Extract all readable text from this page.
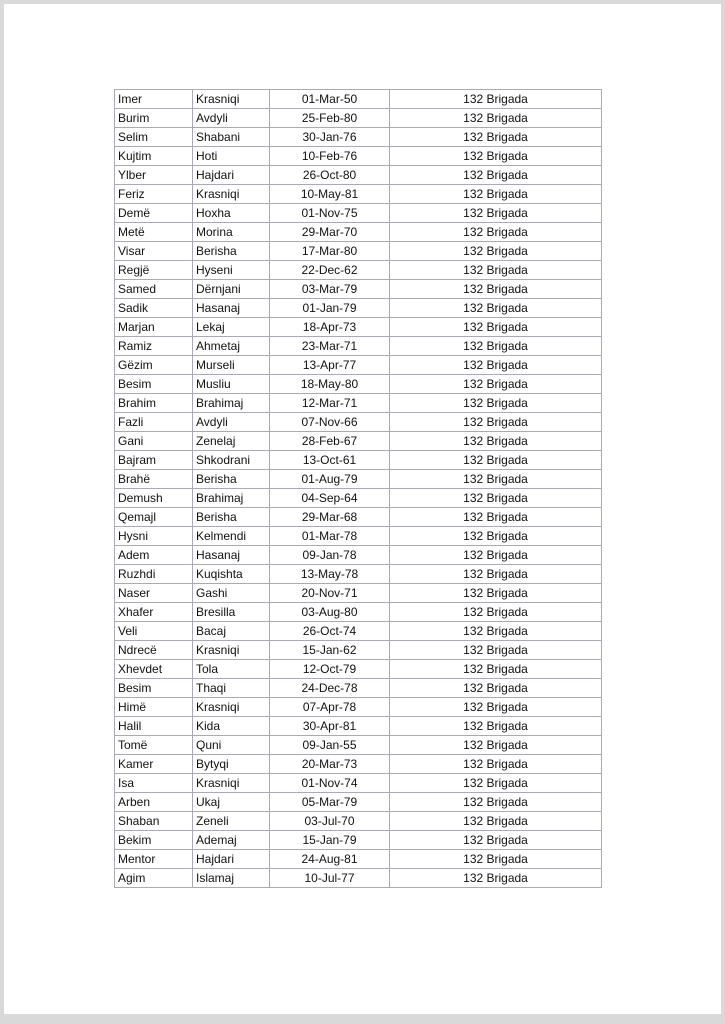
Imer	Krasniqi	01-Mar-50	132 Brigada
Burim	Avdyli	25-Feb-80	132 Brigada
Selim	Shabani	30-Jan-76	132 Brigada
Kujtim	Hoti	10-Feb-76	132 Brigada
Ylber	Hajdari	26-Oct-80	132 Brigada
Feriz	Krasniqi	10-May-81	132 Brigada
Demë	Hoxha	01-Nov-75	132 Brigada
Metë	Morina	29-Mar-70	132 Brigada
Visar	Berisha	17-Mar-80	132 Brigada
Regjë	Hyseni	22-Dec-62	132 Brigada
Samed	Dërnjani	03-Mar-79	132 Brigada
Sadik	Hasanaj	01-Jan-79	132 Brigada
Marjan	Lekaj	18-Apr-73	132 Brigada
Ramiz	Ahmetaj	23-Mar-71	132 Brigada
Gëzim	Murseli	13-Apr-77	132 Brigada
Besim	Musliu	18-May-80	132 Brigada
Brahim	Brahimaj	12-Mar-71	132 Brigada
Fazli	Avdyli	07-Nov-66	132 Brigada
Gani	Zenelaj	28-Feb-67	132 Brigada
Bajram	Shkodrani	13-Oct-61	132 Brigada
Brahë	Berisha	01-Aug-79	132 Brigada
Demush	Brahimaj	04-Sep-64	132 Brigada
Qemajl	Berisha	29-Mar-68	132 Brigada
Hysni	Kelmendi	01-Mar-78	132 Brigada
Adem	Hasanaj	09-Jan-78	132 Brigada
Ruzhdi	Kuqishta	13-May-78	132 Brigada
Naser	Gashi	20-Nov-71	132 Brigada
Xhafer	Bresilla	03-Aug-80	132 Brigada
Veli	Bacaj	26-Oct-74	132 Brigada
Ndrecë	Krasniqi	15-Jan-62	132 Brigada
Xhevdet	Tola	12-Oct-79	132 Brigada
Besim	Thaqi	24-Dec-78	132 Brigada
Himë	Krasniqi	07-Apr-78	132 Brigada
Halil	Kida	30-Apr-81	132 Brigada
Tomë	Quni	09-Jan-55	132 Brigada
Kamer	Bytyqi	20-Mar-73	132 Brigada
Isa	Krasniqi	01-Nov-74	132 Brigada
Arben	Ukaj	05-Mar-79	132 Brigada
Shaban	Zeneli	03-Jul-70	132 Brigada
Bekim	Ademaj	15-Jan-79	132 Brigada
Mentor	Hajdari	24-Aug-81	132 Brigada
Agim	Islamaj	10-Jul-77	132 Brigada
